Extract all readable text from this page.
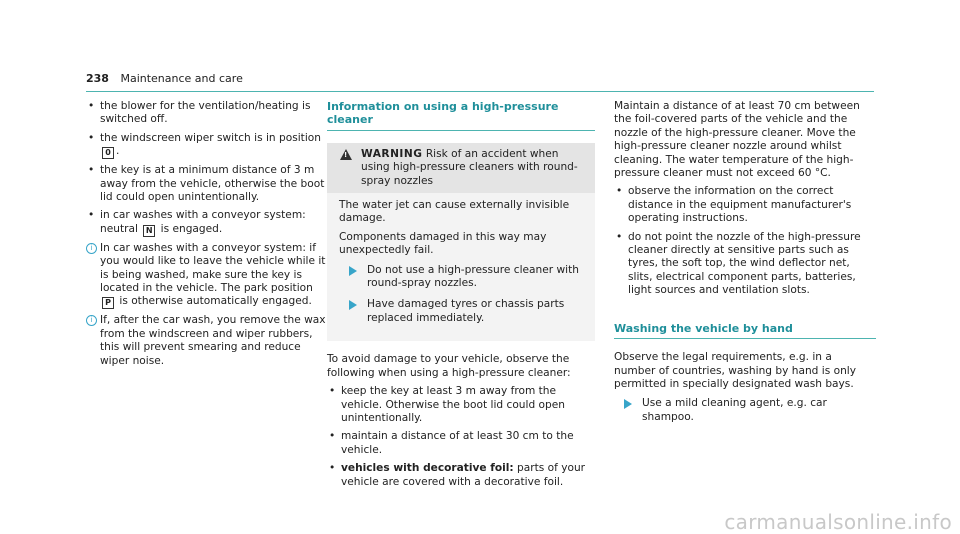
238 Maintenance and care
• the blower for the ventilation/heating is switched off.
• the windscreen wiper switch is in position
0 .
• the key is at a minimum distance of 3 m away from the vehicle, otherwise the boot lid could open unintentionally.
• in car washes with a conveyor system: neutral N is engaged.
i In car washes with a conveyor system: if you would like to leave the vehicle while it is being washed, make sure the key is located in the vehicle. The park position P is otherwise automatically engaged.
i If, after the car wash, you remove the wax from the windscreen and wiper rubbers, this will prevent smearing and reduce wiper noise.
Information on using a high-pressure cleaner
! WARNING Risk of an accident when using high-pressure cleaners with round-spray nozzles

The water jet can cause externally invisible damage.

Components damaged in this way may unexpectedly fail.

Do not use a high-pressure cleaner with round-spray nozzles.
Have damaged tyres or chassis parts replaced immediately.

To avoid damage to your vehicle, observe the following when using a high-pressure cleaner:

• keep the key at least 3 m away from the vehicle. Otherwise the boot lid could open unintentionally.
• maintain a distance of at least 30 cm to the vehicle.
• vehicles with decorative foil: parts of your vehicle are covered with a decorative foil.

Maintain a distance of at least 70 cm between the foil-covered parts of the vehicle and the nozzle of the high-pressure cleaner. Move the high-pressure cleaner nozzle around whilst cleaning. The water temperature of the high-pressure cleaner must not exceed 60 °C.

• observe the information on the correct distance in the equipment manufacturer's operating instructions.
• do not point the nozzle of the high-pressure cleaner directly at sensitive parts such as tyres, the soft top, the wind deflector net, slits, electrical component parts, batteries, light sources and ventilation slots.
Washing the vehicle by hand

Observe the legal requirements, e.g. in a number of countries, washing by hand is only permitted in specially designated wash bays.

Use a mild cleaning agent, e.g. car shampoo.
carmanualsonline.info
